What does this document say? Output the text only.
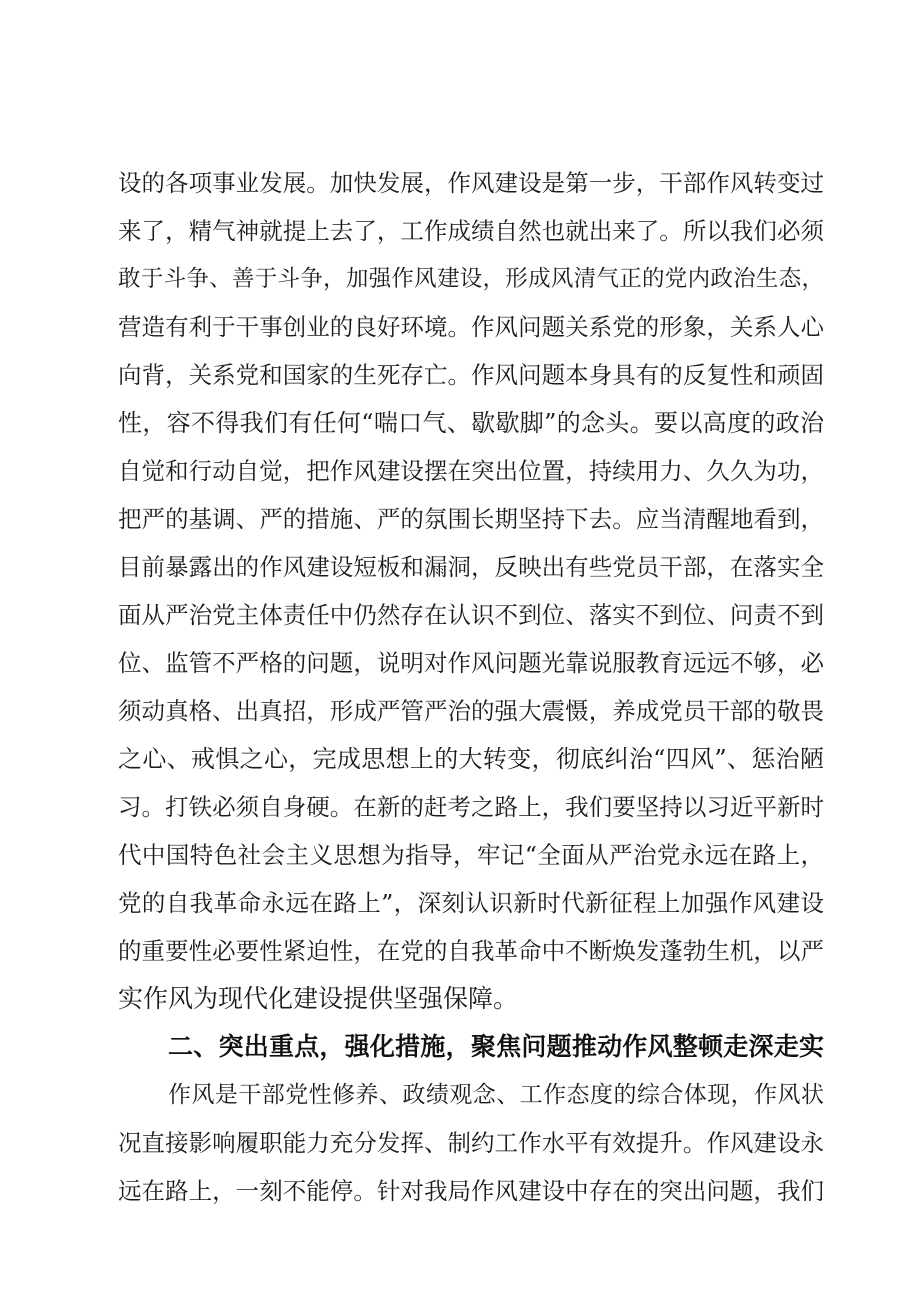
设的各项事业发展。加快发展，作风建设是第一步，干部作风转变过
来了，精气神就提上去了，工作成绩自然也就出来了。所以我们必须
敢于斗争、善于斗争，加强作风建设，形成风清气正的党内政治生态，
营造有利于干事创业的良好环境。作风问题关系党的形象，关系人心
向背，关系党和国家的生死存亡。作风问题本身具有的反复性和顽固
性，容不得我们有任何“喘口气、歇歇脚”的念头。要以高度的政治
自觉和行动自觉，把作风建设摆在突出位置，持续用力、久久为功，
把严的基调、严的措施、严的氛围长期坚持下去。应当清醒地看到，
目前暴露出的作风建设短板和漏洞，反映出有些党员干部，在落实全
面从严治党主体责任中仍然存在认识不到位、落实不到位、问责不到
位、监管不严格的问题，说明对作风问题光靠说服教育远远不够，必
须动真格、出真招，形成严管严治的强大震慑，养成党员干部的敬畏
之心、戒惧之心，完成思想上的大转变，彻底纠治“四风”、惩治陋
习。打铁必须自身硬。在新的赶考之路上，我们要坚持以习近平新时
代中国特色社会主义思想为指导，牢记“全面从严治党永远在路上，
党的自我革命永远在路上”，深刻认识新时代新征程上加强作风建设
的重要性必要性紧迫性，在党的自我革命中不断焕发蓬勃生机，以严
实作风为现代化建设提供坚强保障。
二、突出重点，强化措施，聚焦问题推动作风整顿走深走实
作风是干部党性修养、政绩观念、工作态度的综合体现，作风状
况直接影响履职能力充分发挥、制约工作水平有效提升。作风建设永
远在路上，一刻不能停。针对我局作风建设中存在的突出问题，我们
